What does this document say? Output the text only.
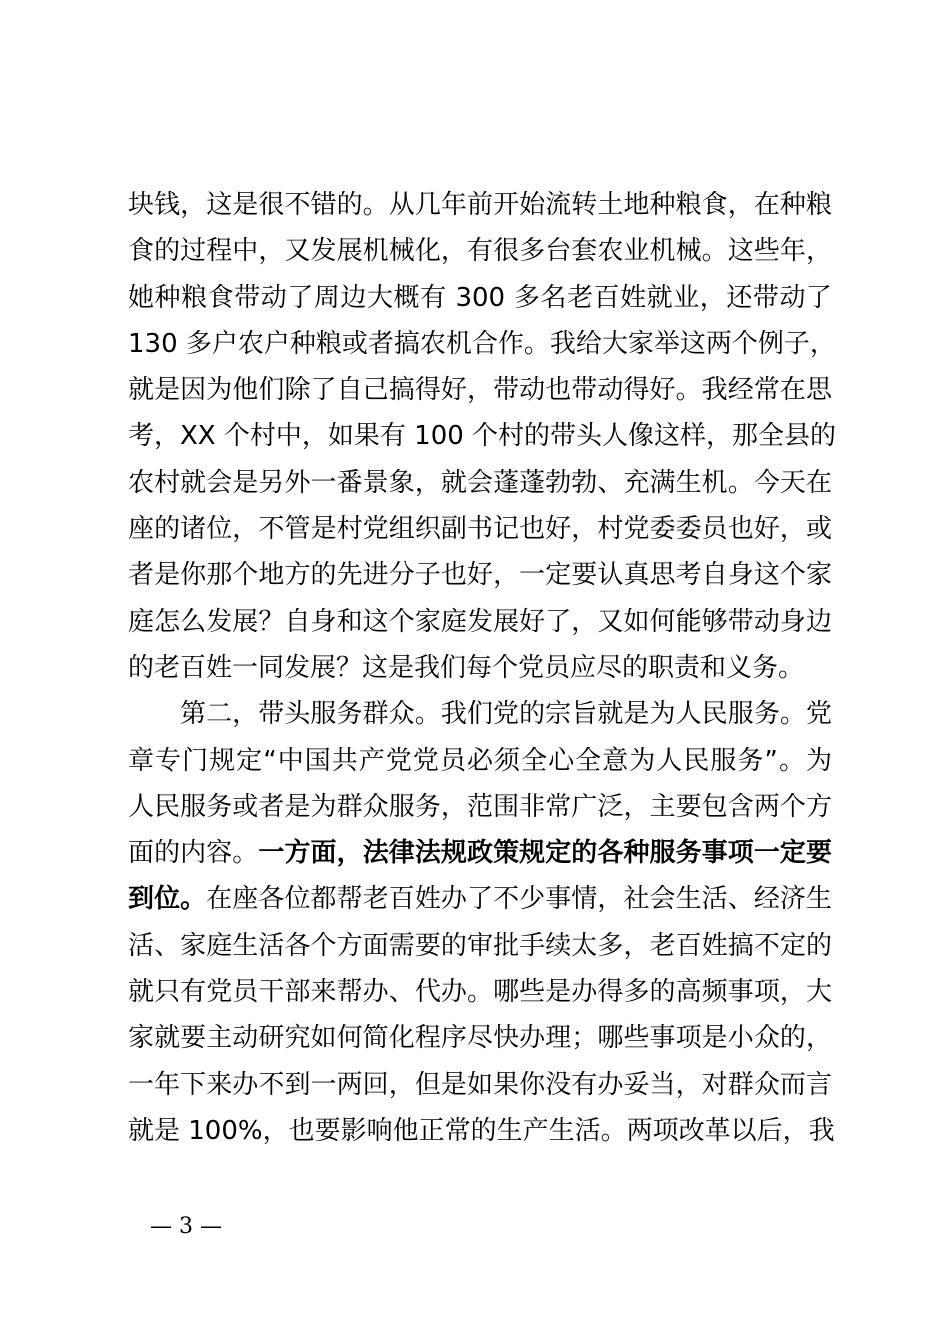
块钱，这是很不错的。从几年前开始流转土地种粮食，在种粮
食的过程中，又发展机械化，有很多台套农业机械。这些年，
她种粮食带动了周边大概有 300 多名老百姓就业，还带动了
130 多户农户种粮或者搞农机合作。我给大家举这两个例子，
就是因为他们除了自己搞得好，带动也带动得好。我经常在思
考，XX 个村中，如果有 100 个村的带头人像这样，那全县的
农村就会是另外一番景象，就会蓬蓬勃勃、充满生机。今天在
座的诸位，不管是村党组织副书记也好，村党委委员也好，或
者是你那个地方的先进分子也好，一定要认真思考自身这个家
庭怎么发展？自身和这个家庭发展好了，又如何能够带动身边
的老百姓一同发展？这是我们每个党员应尽的职责和义务。
第二，带头服务群众。我们党的宗旨就是为人民服务。党
章专门规定“中国共产党党员必须全心全意为人民服务”。为
人民服务或者是为群众服务，范围非常广泛，主要包含两个方
面的内容。一方面，法律法规政策规定的各种服务事项一定要
到位。在座各位都帮老百姓办了不少事情，社会生活、经济生
活、家庭生活各个方面需要的审批手续太多，老百姓搞不定的
就只有党员干部来帮办、代办。哪些是办得多的高频事项，大
家就要主动研究如何简化程序尽快办理；哪些事项是小众的，
一年下来办不到一两回，但是如果你没有办妥当，对群众而言
就是 100%，也要影响他正常的生产生活。两项改革以后，我
— 3 —
